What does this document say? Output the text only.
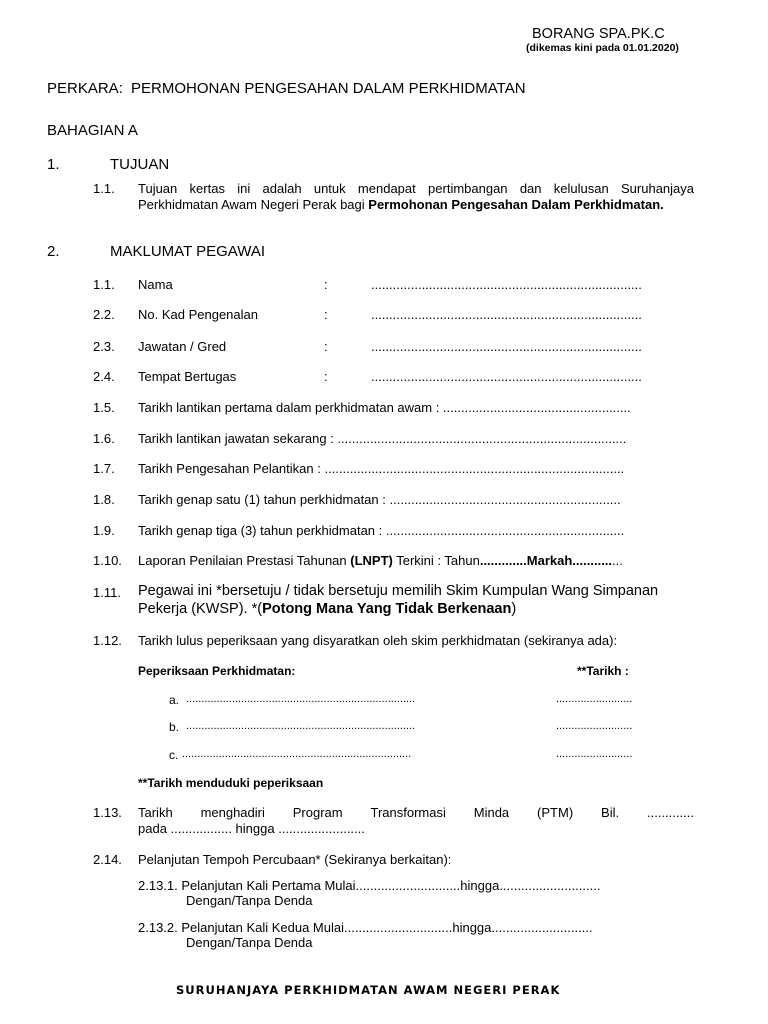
BORANG SPA.PK.C
(dikemas kini pada 01.01.2020)
PERKARA: PERMOHONAN PENGESAHAN DALAM PERKHIDMATAN
BAHAGIAN A
1.	TUJUAN
1.1. Tujuan kertas ini adalah untuk mendapat pertimbangan dan kelulusan Suruhanjaya Perkhidmatan Awam Negeri Perak bagi Permohonan Pengesahan Dalam Perkhidmatan.
2.	MAKLUMAT PEGAWAI
1.1. Nama	:	...........................................................................
2.2. No. Kad Pengenalan	:	...........................................................................
2.3. Jawatan / Gred	:	...........................................................................
2.4. Tempat Bertugas	:	...........................................................................
1.5. Tarikh lantikan pertama dalam perkhidmatan awam : ....................................................
1.6. Tarikh lantikan jawatan sekarang : ................................................................................
1.7. Tarikh Pengesahan Pelantikan : ...................................................................................
1.8. Tarikh genap satu (1) tahun perkhidmatan : ................................................................
1.9. Tarikh genap tiga (3) tahun perkhidmatan : ..................................................................
1.10. Laporan Penilaian Prestasi Tahunan (LNPT) Terkini : Tahun.............Markah..............
1.11. Pegawai ini *bersetuju / tidak bersetuju memilih Skim Kumpulan Wang Simpanan
Pekerja (KWSP). *(Potong Mana Yang Tidak Berkenaan)
1.12. Tarikh lulus peperiksaan yang disyaratkan oleh skim perkhidmatan (sekiranya ada):
Peperiksaan Perkhidmatan:	**Tarikh :
a. ...........................................................................	.........................
b. ...........................................................................	.........................
c. ...........................................................................	.........................
**Tarikh menduduki peperiksaan
1.13. Tarikh menghadiri Program Transformasi Minda (PTM) Bil. .............
pada ................. hingga ........................
2.14. Pelanjutan Tempoh Percubaan* (Sekiranya berkaitan):
2.13.1. Pelanjutan Kali Pertama Mulai.............................hingga............................
Dengan/Tanpa Denda
2.13.2. Pelanjutan Kali Kedua Mulai..............................hingga............................
Dengan/Tanpa Denda
SURUHANJAYA PERKHIDMATAN AWAM NEGERI PERAK
